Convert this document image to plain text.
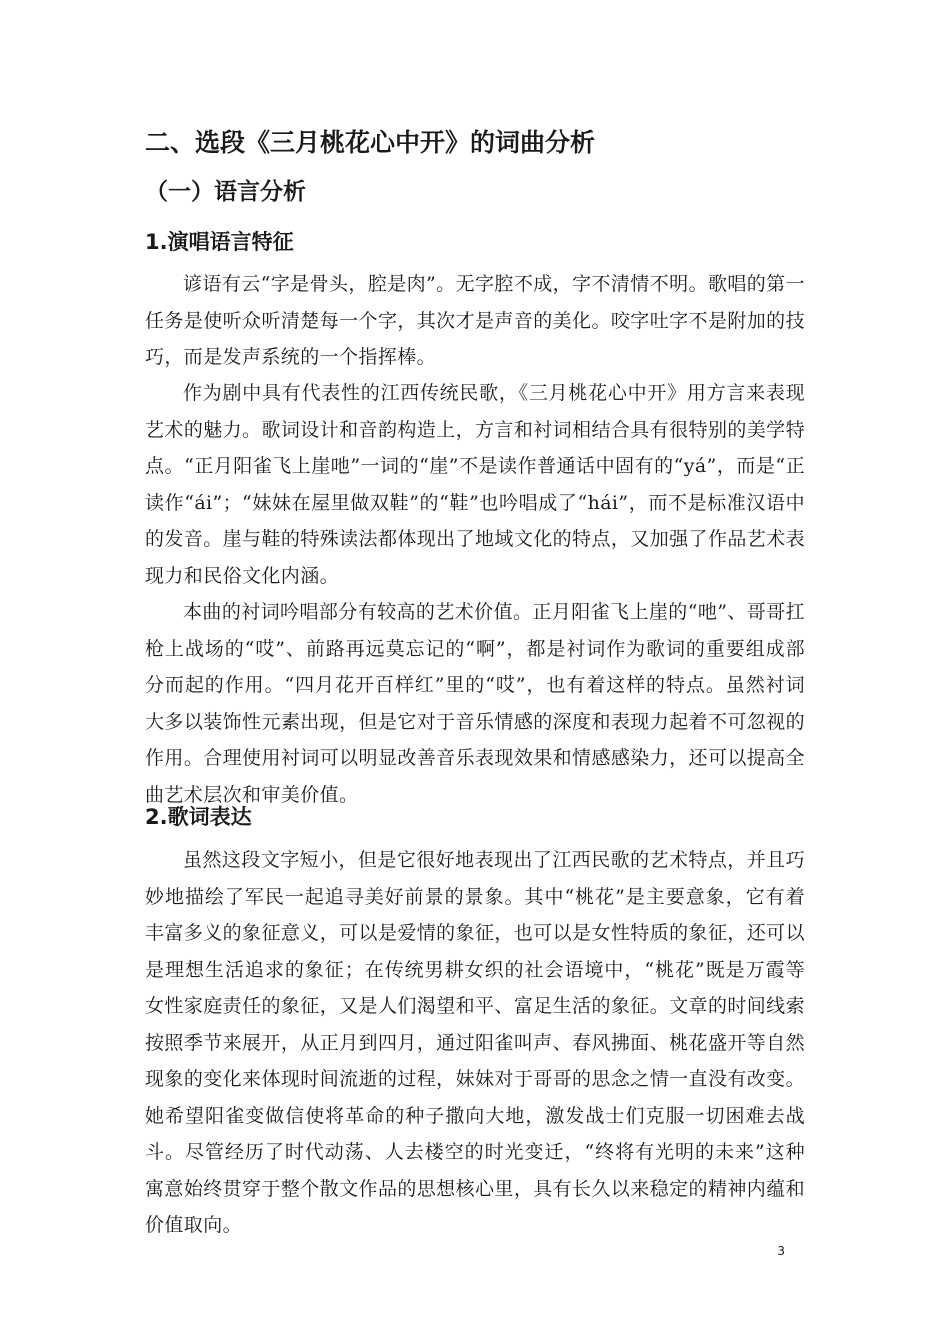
二、选段《三月桃花心中开》的词曲分析
（一）语言分析
1.演唱语言特征

谚语有云“字是骨头，腔是肉”。无字腔不成，字不清情不明。歌唱的第一任务是使听众听清楚每一个字，其次才是声音的美化。咬字吐字不是附加的技巧，而是发声系统的一个指挥棒。

作为剧中具有代表性的江西传统民歌，《三月桃花心中开》用方言来表现艺术的魅力。歌词设计和音韵构造上，方言和衬词相结合具有很特别的美学特点。“正月阳雀飞上崖吔”一词的“崖”不是读作普通话中固有的“yá”，而是“正读作“ái”；“妹妹在屋里做双鞋”的“鞋”也吟唱成了“hái”，而不是标准汉语中的发音。崖与鞋的特殊读法都体现出了地域文化的特点，又加强了作品艺术表现力和民俗文化内涵。

本曲的衬词吟唱部分有较高的艺术价值。正月阳雀飞上崖的“吔”、哥哥扛枪上战场的“哎”、前路再远莫忘记的“啊”，都是衬词作为歌词的重要组成部分而起的作用。“四月花开百样红”里的“哎”，也有着这样的特点。虽然衬词大多以装饰性元素出现，但是它对于音乐情感的深度和表现力起着不可忽视的作用。合理使用衬词可以明显改善音乐表现效果和情感感染力，还可以提高全曲艺术层次和审美价值。

2.歌词表达

虽然这段文字短小，但是它很好地表现出了江西民歌的艺术特点，并且巧妙地描绘了军民一起追寻美好前景的景象。其中“桃花”是主要意象，它有着丰富多义的象征意义，可以是爱情的象征，也可以是女性特质的象征，还可以是理想生活追求的象征；在传统男耕女织的社会语境中，“桃花”既是万霞等女性家庭责任的象征，又是人们渴望和平、富足生活的象征。文章的时间线索按照季节来展开，从正月到四月，通过阳雀叫声、春风拂面、桃花盛开等自然现象的变化来体现时间流逝的过程，妹妹对于哥哥的思念之情一直没有改变。她希望阳雀变做信使将革命的种子撒向大地，激发战士们克服一切困难去战斗。尽管经历了时代动荡、人去楼空的时光变迁，“终将有光明的未来”这种寓意始终贯穿于整个散文作品的思想核心里，具有长久以来稳定的精神内蕴和价值取向。

3
